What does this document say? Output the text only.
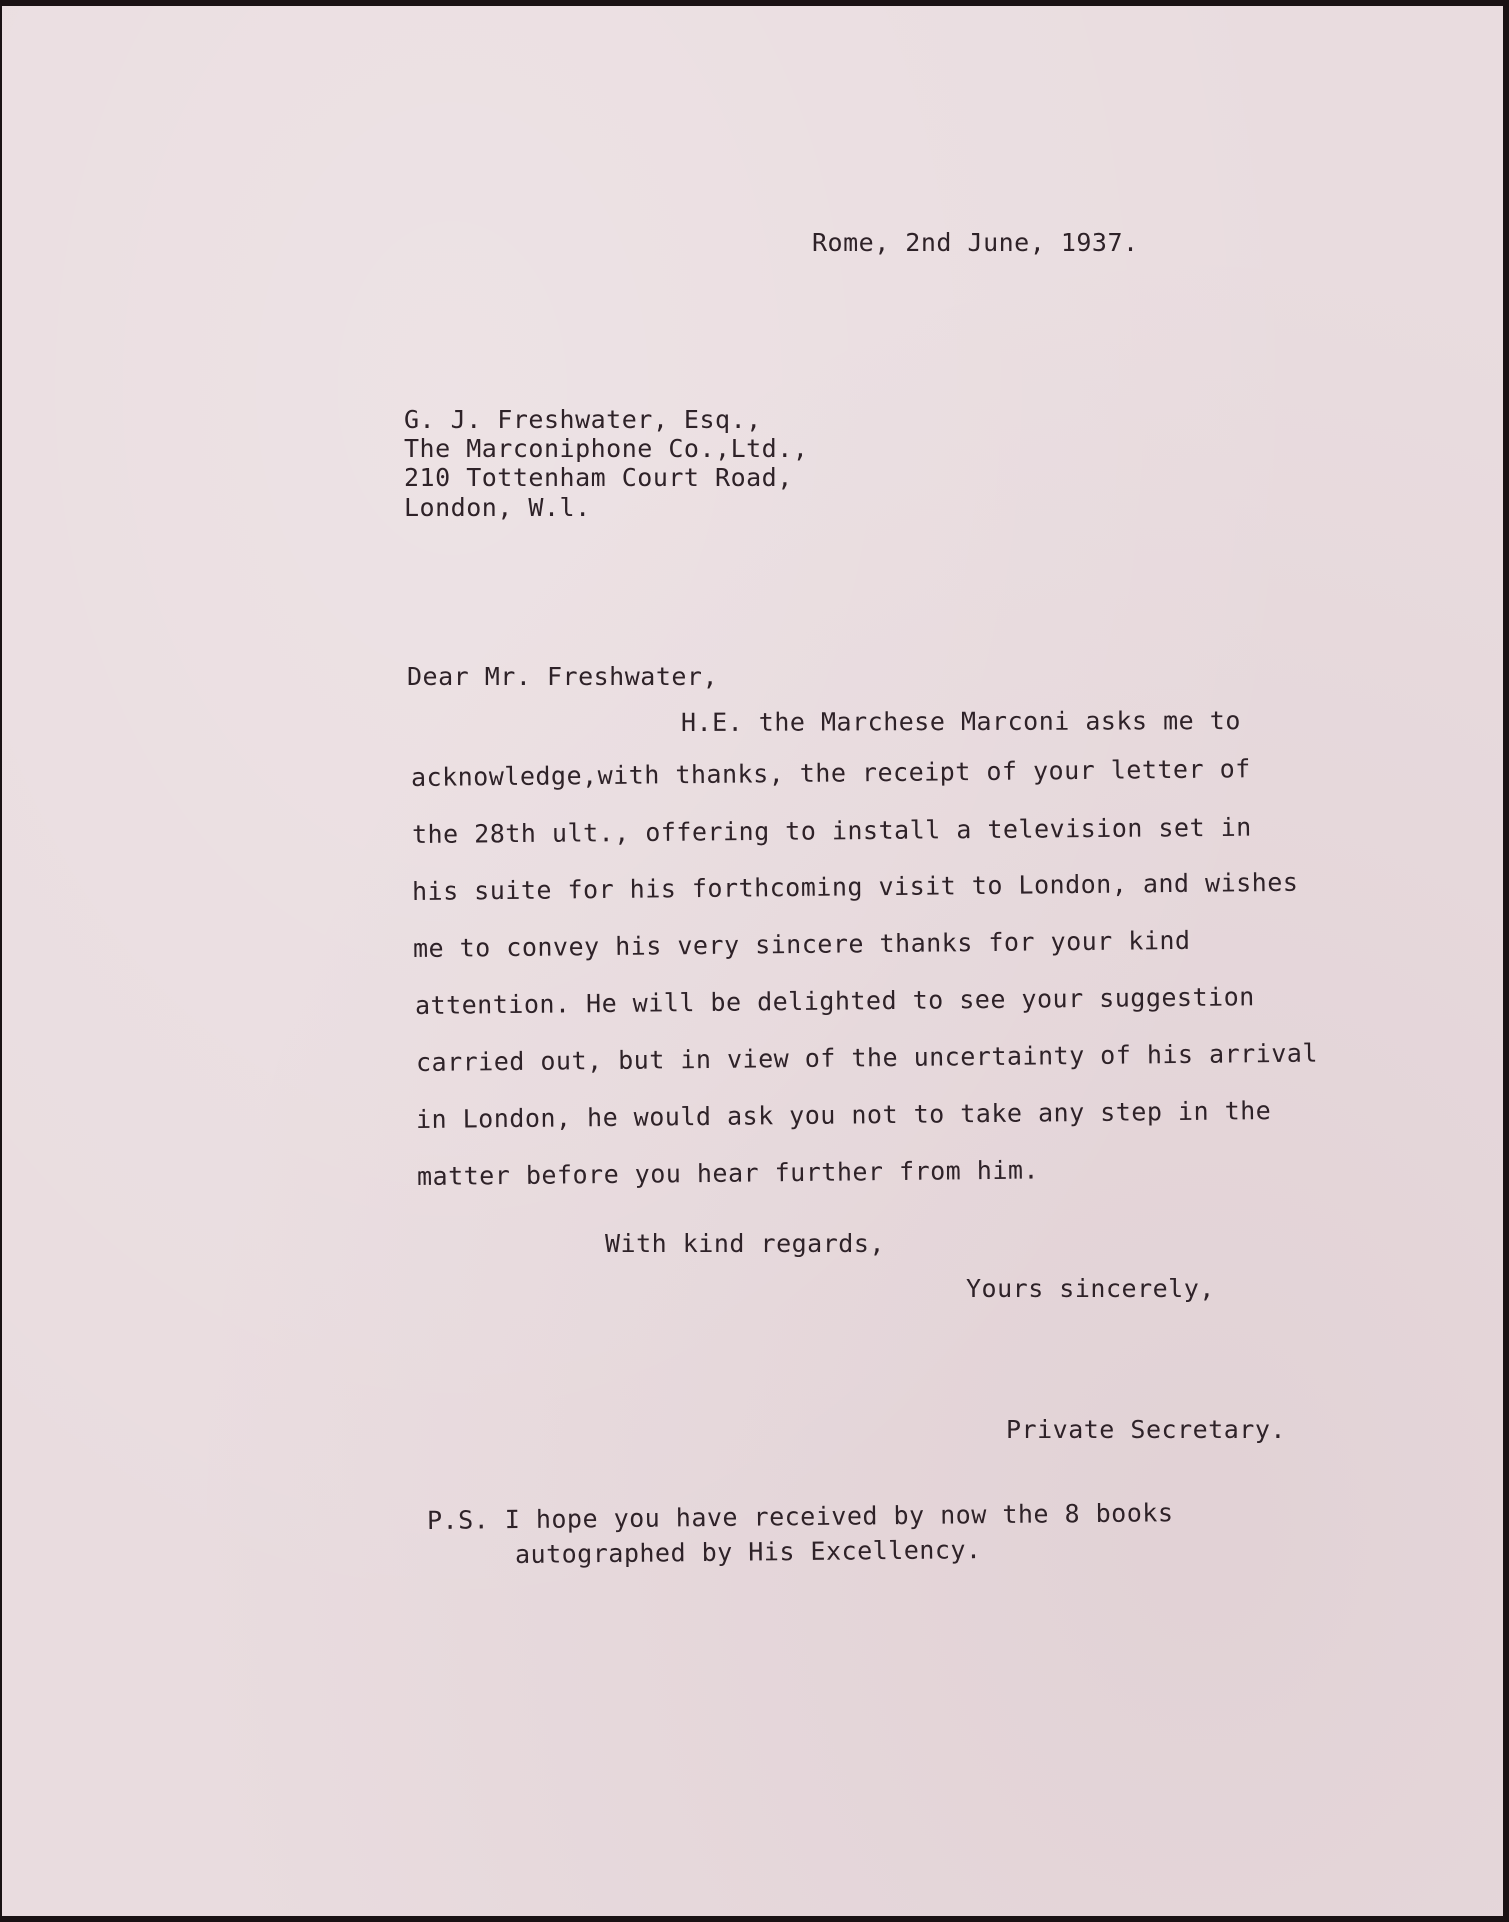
Rome, 2nd June, 1937.
G. J. Freshwater, Esq.,
The Marconiphone Co.,Ltd.,
210 Tottenham Court Road,
London, W.l.
Dear Mr. Freshwater,
H.E. the Marchese Marconi asks me to
acknowledge,with thanks, the receipt of your letter of
the 28th ult., offering to install a television set in
his suite for his forthcoming visit to London, and wishes
me to convey his very sincere thanks for your kind
attention. He will be delighted to see your suggestion
carried out, but in view of the uncertainty of his arrival
in London, he would ask you not to take any step in the
matter before you hear further from him.
With kind regards,
Yours sincerely,
Private Secretary.
P.S. I hope you have received by now the 8 books
autographed by His Excellency.
